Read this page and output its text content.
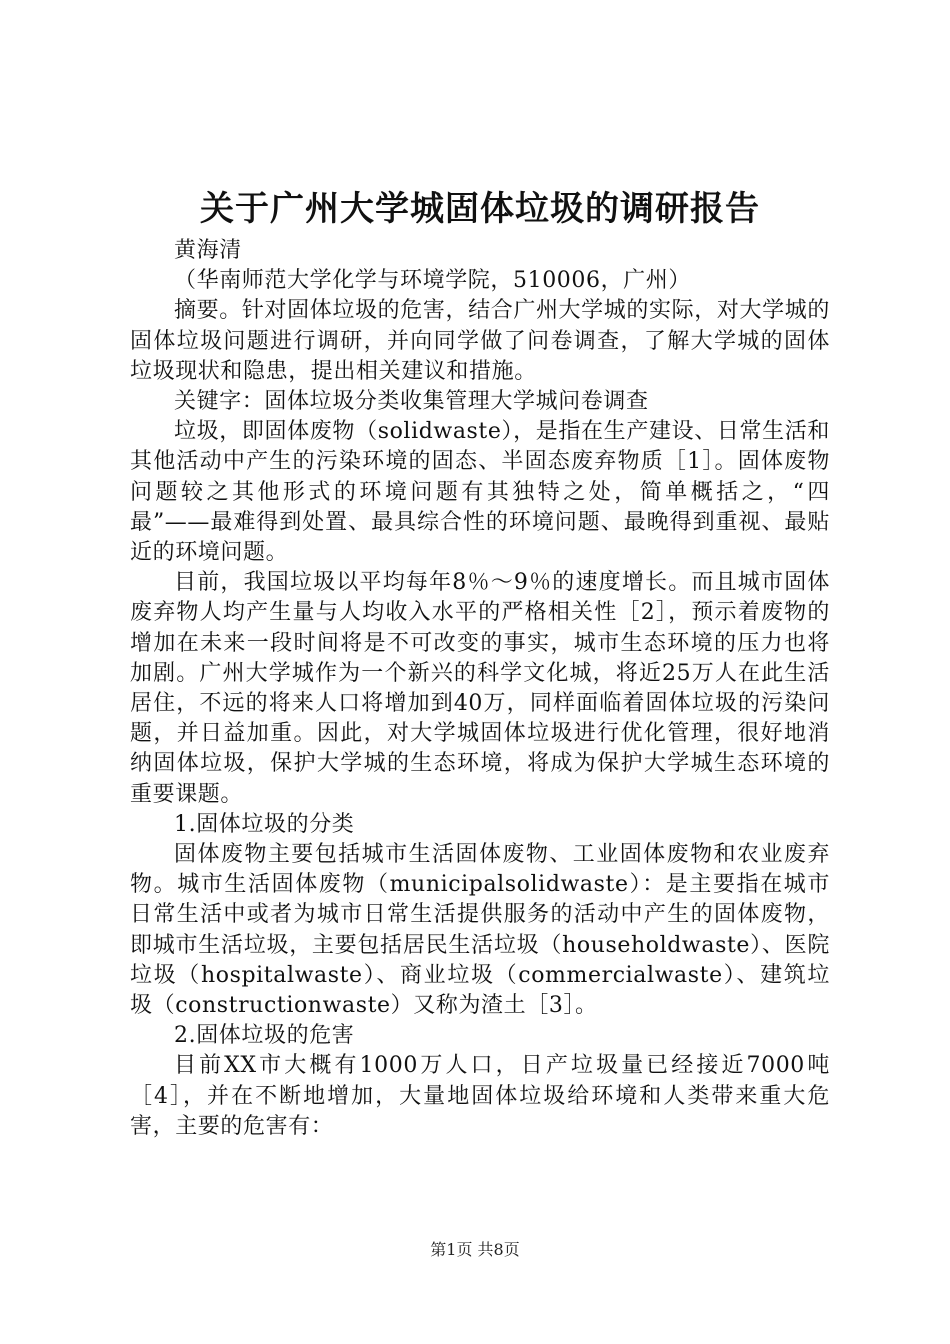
关于广州大学城固体垃圾的调研报告

黄海清

（华南师范大学化学与环境学院，510006，广州）

摘要。针对固体垃圾的危害，结合广州大学城的实际，对大学城的固体垃圾问题进行调研，并向同学做了问卷调查，了解大学城的固体垃圾现状和隐患，提出相关建议和措施。

关键字：固体垃圾分类收集管理大学城问卷调查

垃圾，即固体废物（solidwaste），是指在生产建设、日常生活和其他活动中产生的污染环境的固态、半固态废弃物质［1］。固体废物问题较之其他形式的环境问题有其独特之处，简单概括之，“四最”——最难得到处置、最具综合性的环境问题、最晚得到重视、最贴近的环境问题。

目前，我国垃圾以平均每年8％～9％的速度增长。而且城市固体废弃物人均产生量与人均收入水平的严格相关性［2］，预示着废物的增加在未来一段时间将是不可改变的事实，城市生态环境的压力也将加剧。广州大学城作为一个新兴的科学文化城，将近25万人在此生活居住，不远的将来人口将增加到40万，同样面临着固体垃圾的污染问题，并日益加重。因此，对大学城固体垃圾进行优化管理，很好地消纳固体垃圾，保护大学城的生态环境，将成为保护大学城生态环境的重要课题。

1.固体垃圾的分类

固体废物主要包括城市生活固体废物、工业固体废物和农业废弃物。城市生活固体废物（municipalsolidwaste）：是主要指在城市日常生活中或者为城市日常生活提供服务的活动中产生的固体废物，即城市生活垃圾，主要包括居民生活垃圾（householdwaste）、医院垃圾（hospitalwaste）、商业垃圾（commercialwaste）、建筑垃圾（constructionwaste）又称为渣土［3］。

2.固体垃圾的危害

目前XX市大概有1000万人口，日产垃圾量已经接近7000吨［4］，并在不断地增加，大量地固体垃圾给环境和人类带来重大危害，主要的危害有：

第1页 共8页
